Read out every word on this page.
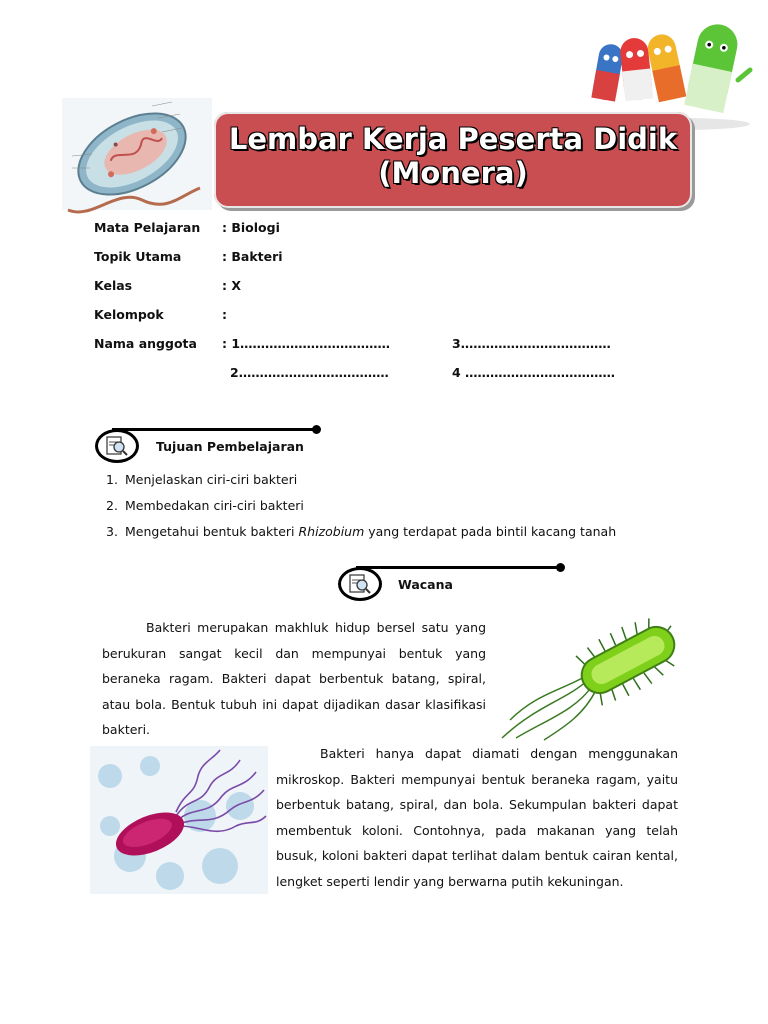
Lembar Kerja Peserta Didik
(Monera)
Mata Pelajaran : Biologi
Topik Utama	: Bakteri
Kelas	: X
Kelompok	:
Nama anggota : 1………………………………	3………………………………
2………………………………	4 ………………………………
Tujuan Pembelajaran
1. Menjelaskan ciri-ciri bakteri
2. Membedakan ciri-ciri bakteri
3. Mengetahui bentuk bakteri Rhizobium yang terdapat pada bintil kacang tanah
Wacana
Bakteri merupakan makhluk hidup bersel satu yang berukuran sangat kecil dan mempunyai bentuk yang beraneka ragam. Bakteri dapat berbentuk batang, spiral, atau bola. Bentuk tubuh ini dapat dijadikan dasar klasifikasi bakteri.
Bakteri hanya dapat diamati dengan menggunakan mikroskop. Bakteri mempunyai bentuk beraneka ragam, yaitu berbentuk batang, spiral, dan bola. Sekumpulan bakteri dapat membentuk koloni. Contohnya, pada makanan yang telah busuk, koloni bakteri dapat terlihat dalam bentuk cairan kental, lengket seperti lendir yang berwarna putih kekuningan.
